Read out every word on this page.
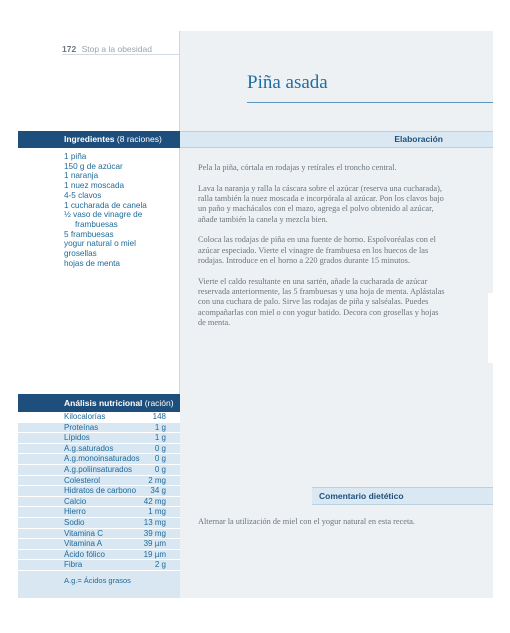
172 Stop a la obesidad
Piña asada
Ingredientes (8 raciones)	Elaboración
1 piña
150 g de azúcar
1 naranja
1 nuez moscada
4-5 clavos
1 cucharada de canela
½ vaso de vinagre de
frambuesas
5 frambuesas
yogur natural o miel
grosellas
hojas de menta

Pela la piña, córtala en rodajas y retírales el troncho central.

Lava la naranja y ralla la cáscara sobre el azúcar (reserva una cucharada), ralla también la nuez moscada e incorpórala al azúcar. Pon los clavos bajo un paño y machácalos con el mazo, agrega el polvo obtenido al azúcar, añade también la canela y mezcla bien.

Coloca las rodajas de piña en una fuente de horno. Espolvoréalas con el azúcar especiado. Vierte el vinagre de frambuesa en los huecos de las rodajas. Introduce en el horno a 220 grados durante 15 minutos.

Vierte el caldo resultante en una sartén, añade la cucharada de azúcar reservada anteriormente, las 5 frambuesas y una hoja de menta. Aplástalas con una cuchara de palo. Sirve las rodajas de piña y salséalas. Puedes acompañarlas con miel o con yogur batido. Decora con grosellas y hojas de menta.

Análisis nutricional (ración)
Kilocalorías	148
Proteínas	1 g
Lípidos	1 g
A.g.saturados	0 g
A.g.monoinsaturados	0 g
A.g.poliinsaturados	0 g
Colesterol	2 mg
Hidratos de carbono	34 g
Calcio	42 mg
Hierro	1 mg
Sodio	13 mg
Vitamina C	39 mg
Vitamina A	39 µm
Ácido fólico	19 µm
Fibra	2 g
A.g.= Ácidos grasos
Comentario dietético
Alternar la utilización de miel con el yogur natural en esta receta.
